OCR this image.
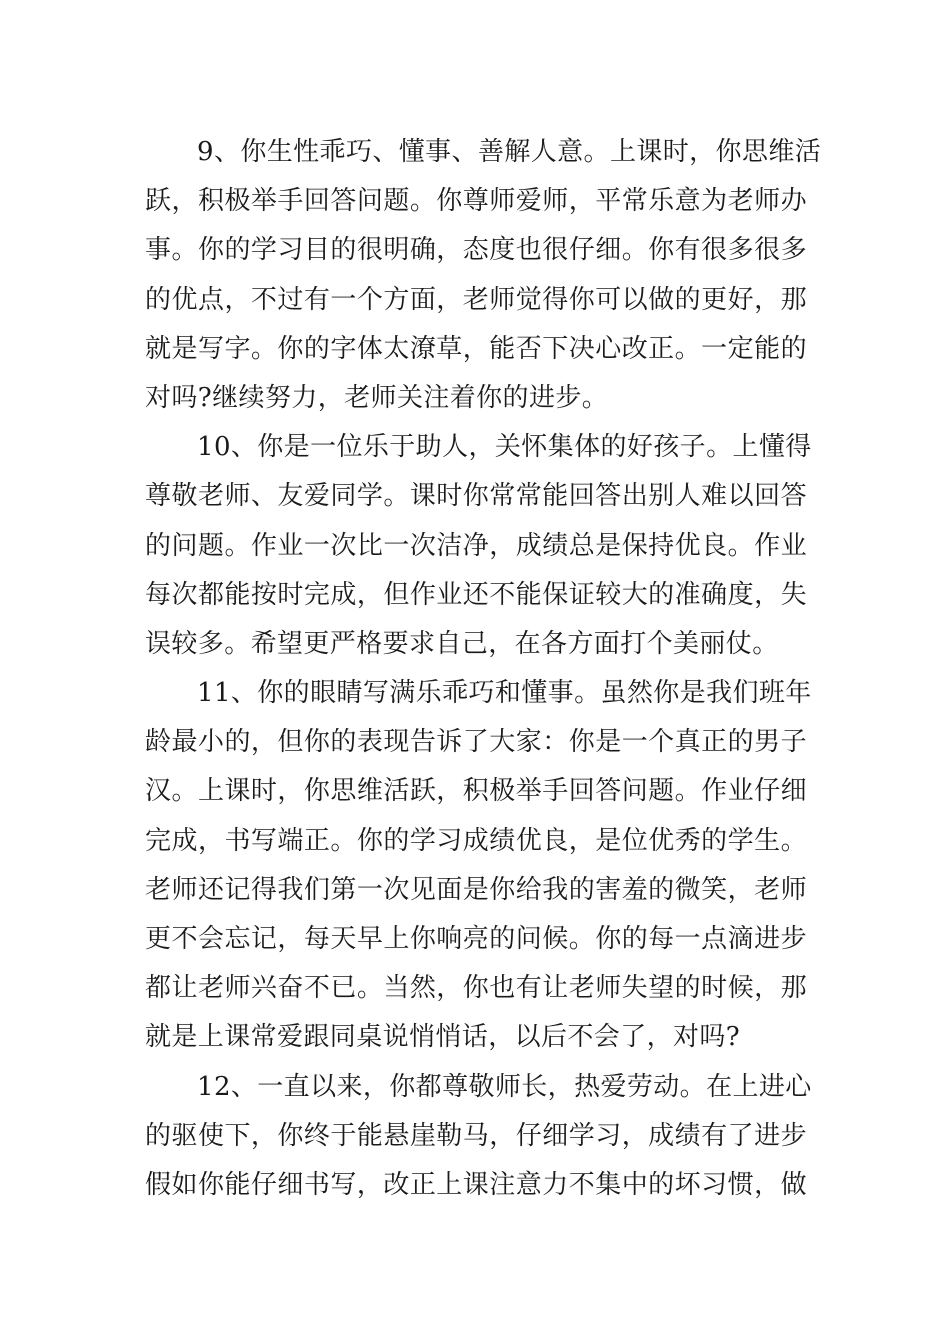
9、你生性乖巧、懂事、善解人意。上课时，你思维活
跃，积极举手回答问题。你尊师爱师，平常乐意为老师办
事。你的学习目的很明确，态度也很仔细。你有很多很多
的优点，不过有一个方面，老师觉得你可以做的更好，那
就是写字。你的字体太潦草，能否下决心改正。一定能的
对吗?继续努力，老师关注着你的进步。
10、你是一位乐于助人，关怀集体的好孩子。上懂得
尊敬老师、友爱同学。课时你常常能回答出别人难以回答
的问题。作业一次比一次洁净，成绩总是保持优良。作业
每次都能按时完成，但作业还不能保证较大的准确度，失
误较多。希望更严格要求自己，在各方面打个美丽仗。
11、你的眼睛写满乐乖巧和懂事。虽然你是我们班年
龄最小的，但你的表现告诉了大家：你是一个真正的男子
汉。上课时，你思维活跃，积极举手回答问题。作业仔细
完成，书写端正。你的学习成绩优良，是位优秀的学生。
老师还记得我们第一次见面是你给我的害羞的微笑，老师
更不会忘记，每天早上你响亮的问候。你的每一点滴进步
都让老师兴奋不已。当然，你也有让老师失望的时候，那
就是上课常爱跟同桌说悄悄话，以后不会了，对吗?
12、一直以来，你都尊敬师长，热爱劳动。在上进心
的驱使下，你终于能悬崖勒马，仔细学习，成绩有了进步
假如你能仔细书写，改正上课注意力不集中的坏习惯，做
